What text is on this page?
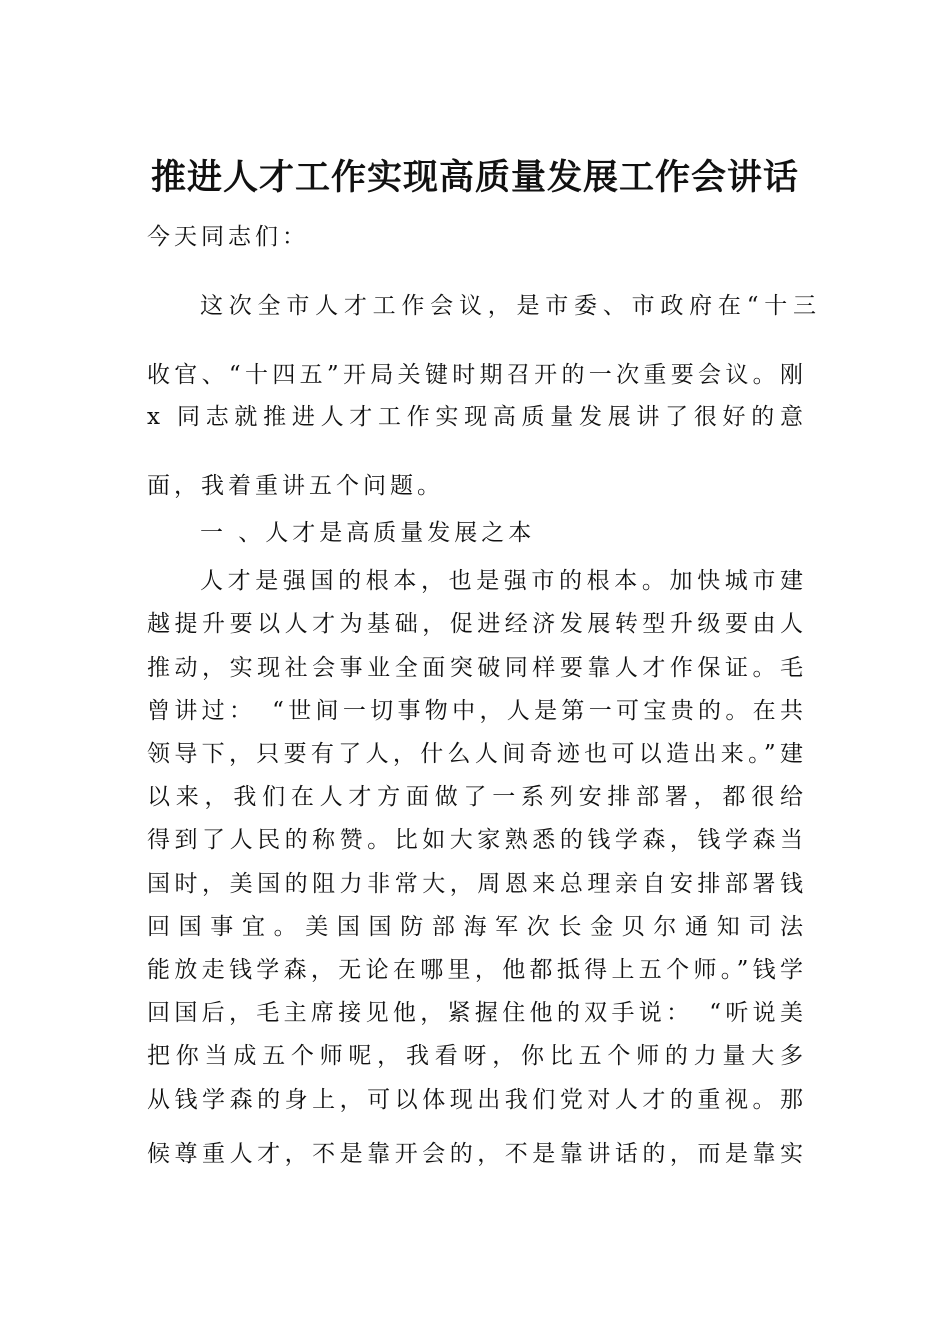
推进人才工作实现高质量发展工作会讲话
今天同志们：
这次全市人才工作会议，是市委、市政府在“十三
收官、“十四五”开局关键时期召开的一次重要会议。刚
x 同志就推进人才工作实现高质量发展讲了很好的意
面，我着重讲五个问题。
一 、人才是高质量发展之本
人才是强国的根本，也是强市的根本。加快城市建
越提升要以人才为基础，促进经济发展转型升级要由人
推动，实现社会事业全面突破同样要靠人才作保证。毛
曾讲过：　“世间一切事物中，人是第一可宝贵的。在共
领导下，只要有了人，什么人间奇迹也可以造出来。”建
以来，我们在人才方面做了一系列安排部署，都很给
得到了人民的称赞。比如大家熟悉的钱学森，钱学森当
国时，美国的阻力非常大，周恩来总理亲自安排部署钱
回国事宜。美国国防部海军次长金贝尔通知司法　
能放走钱学森，无论在哪里，他都抵得上五个师。”钱学
回国后，毛主席接见他，紧握住他的双手说：　“听说美
把你当成五个师呢，我看呀，你比五个师的力量大多
从钱学森的身上，可以体现出我们党对人才的重视。那
候尊重人才，不是靠开会的，不是靠讲话的，而是靠实
